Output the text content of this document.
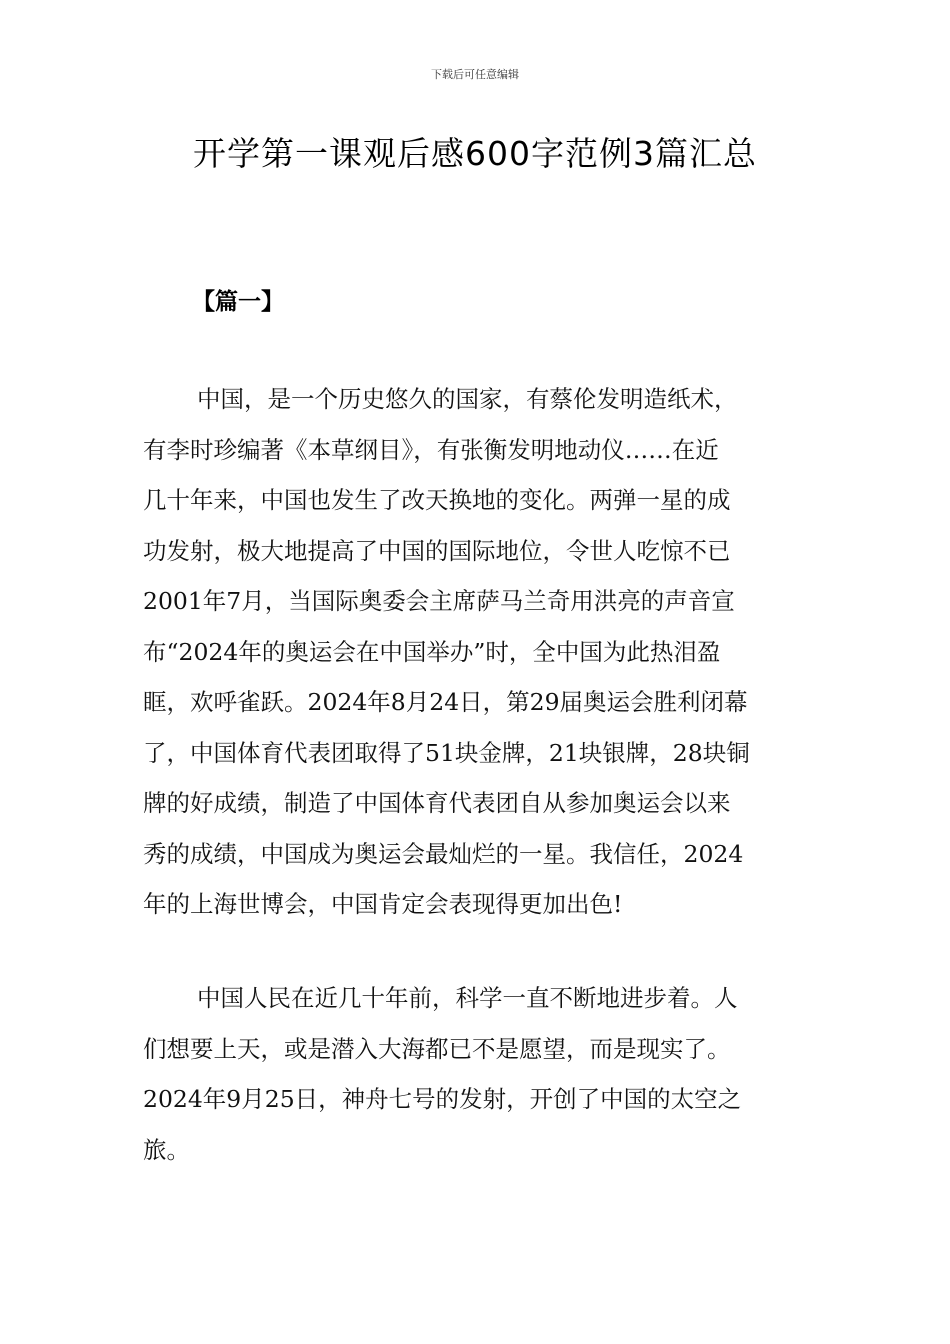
下载后可任意编辑
开学第一课观后感600字范例3篇汇总
【篇一】

中国，是一个历史悠久的国家，有蔡伦发明造纸术，
有李时珍编著《本草纲目》，有张衡发明地动仪……在近
几十年来，中国也发生了改天换地的变化。两弹一星的成
功发射，极大地提高了中国的国际地位，令世人吃惊不已
2001年7月，当国际奥委会主席萨马兰奇用洪亮的声音宣
布“2024年的奥运会在中国举办”时，全中国为此热泪盈
眶，欢呼雀跃。2024年8月24日，第29届奥运会胜利闭幕
了，中国体育代表团取得了51块金牌，21块银牌，28块铜
牌的好成绩，制造了中国体育代表团自从参加奥运会以来
秀的成绩，中国成为奥运会最灿烂的一星。我信任，2024
年的上海世博会，中国肯定会表现得更加出色!

中国人民在近几十年前，科学一直不断地进步着。人
们想要上天，或是潜入大海都已不是愿望，而是现实了。
2024年9月25日，神舟七号的发射，开创了中国的太空之
旅。
